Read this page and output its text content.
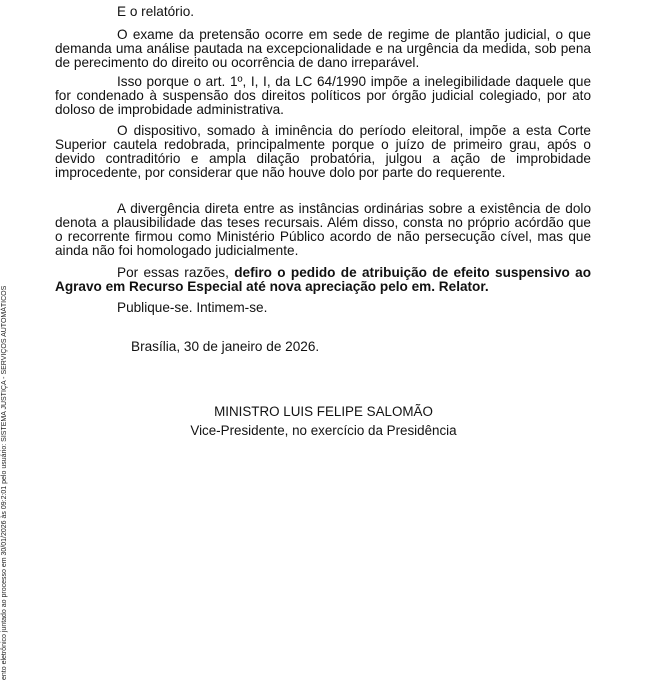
E o relatório.

O exame da pretensão ocorre em sede de regime de plantão judicial, o que demanda uma análise pautada na excepcionalidade e na urgência da medida, sob pena de perecimento do direito ou ocorrência de dano irreparável.

Isso porque o art. 1º, I, I, da LC 64/1990 impõe a inelegibilidade daquele que for condenado à suspensão dos direitos políticos por órgão judicial colegiado, por ato doloso de improbidade administrativa.

O dispositivo, somado à iminência do período eleitoral, impõe a esta Corte Superior cautela redobrada, principalmente porque o juízo de primeiro grau, após o devido contraditório e ampla dilação probatória, julgou a ação de improbidade improcedente, por considerar que não houve dolo por parte do requerente.

A divergência direta entre as instâncias ordinárias sobre a existência de dolo denota a plausibilidade das teses recursais. Além disso, consta no próprio acórdão que o recorrente firmou como Ministério Público acordo de não persecução cível, mas que ainda não foi homologado judicialmente.

Por essas razões, defiro o pedido de atribuição de efeito suspensivo ao Agravo em Recurso Especial até nova apreciação pelo em. Relator.

Publique-se. Intimem-se.

Brasília, 30 de janeiro de 2026.

MINISTRO LUIS FELIPE SALOMÃO

Vice-Presidente, no exercício da Presidência

ento eletrônico juntado ao processo em 30/01/2026 às 09:2:01 pelo usuário: SISTEMA JUSTIÇA - SERVIÇOS AUTOMÁTICOS
